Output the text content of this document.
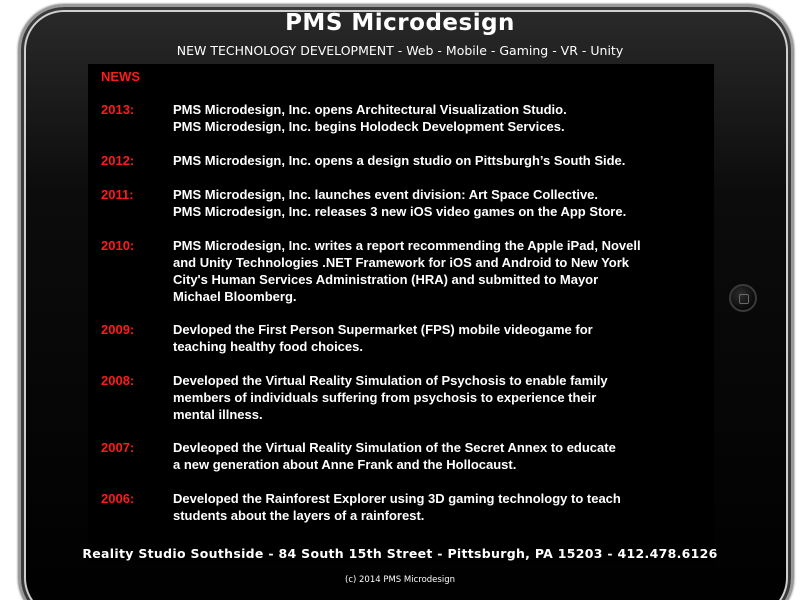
PMS Microdesign
NEW TECHNOLOGY DEVELOPMENT - Web - Mobile - Gaming - VR - Unity
NEWS
2013:	PMS Microdesign, Inc. opens Architectural Visualization Studio.
PMS Microdesign, Inc. begins Holodeck Development Services.
2012:	PMS Microdesign, Inc. opens a design studio on Pittsburgh’s South Side.
2011:	PMS Microdesign, Inc. launches event division: Art Space Collective.
PMS Microdesign, Inc. releases 3 new iOS video games on the App Store.
2010:	PMS Microdesign, Inc. writes a report recommending the Apple iPad, Novell
and Unity Technologies .NET Framework for iOS and Android to New York
City's Human Services Administration (HRA) and submitted to Mayor
Michael Bloomberg.
2009:	Devloped the First Person Supermarket (FPS) mobile videogame for
teaching healthy food choices.
2008:	Developed the Virtual Reality Simulation of Psychosis to enable family
members of individuals suffering from psychosis to experience their
mental illness.
2007:	Devleoped the Virtual Reality Simulation of the Secret Annex to educate
a new generation about Anne Frank and the Hollocaust.
2006:	Developed the Rainforest Explorer using 3D gaming technology to teach
students about the layers of a rainforest.
Reality Studio Southside - 84 South 15th Street - Pittsburgh, PA 15203 - 412.478.6126
(c) 2014 PMS Microdesign
